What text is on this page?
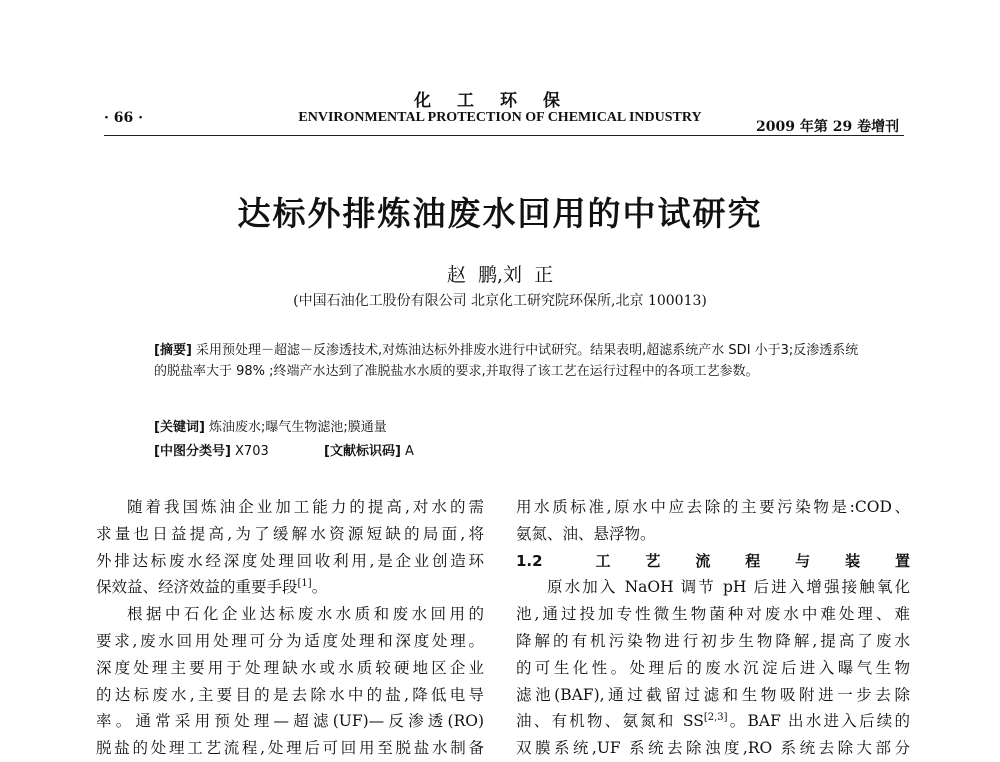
化工环保
· 66 ·	ENVIRONMENTAL PROTECTION OF CHEMICAL INDUSTRY
2009 年第 29 卷增刊
达标外排炼油废水回用的中试研究
赵  鹏,刘  正
(中国石油化工股份有限公司 北京化工研究院环保所,北京 100013)
[摘要] 采用预处理－超滤－反渗透技术,对炼油达标外排废水进行中试研究。结果表明,超滤系统产水 SDI 小于3;反渗透系统的脱盐率大于 98% ;终端产水达到了准脱盐水水质的要求,并取得了该工艺在运行过程中的各项工艺参数。
[关键词] 炼油废水;曝气生物滤池;膜通量
[中图分类号] X703	[文献标识码] A

随着我国炼油企业加工能力的提高,对水的需

求量也日益提高,为了缓解水资源短缺的局面,将

外排达标废水经深度处理回收利用,是企业创造环

保效益、经济效益的重要手段[1]。

根据中石化企业达标废水水质和废水回用的

要求,废水回用处理可分为适度处理和深度处理。

深度处理主要用于处理缺水或水质较硬地区企业

的达标废水,主要目的是去除水中的盐,降低电导

率。通常采用预处理—超滤(UF)—反渗透(RO)

脱盐的处理工艺流程,处理后可回用至脱盐水制备

用水质标准,原水中应去除的主要污染物是:COD、

氨氮、油、悬浮物。

1.2 工艺流程与装置

原水加入 NaOH 调节 pH 后进入增强接触氧化

池,通过投加专性微生物菌种对废水中难处理、难

降解的有机污染物进行初步生物降解,提高了废水

的可生化性。处理后的废水沉淀后进入曝气生物

滤池(BAF),通过截留过滤和生物吸附进一步去除

油、有机物、氨氮和 SS[2,3]。BAF 出水进入后续的

双膜系统,UF 系统去除浊度,RO 系统去除大部分
